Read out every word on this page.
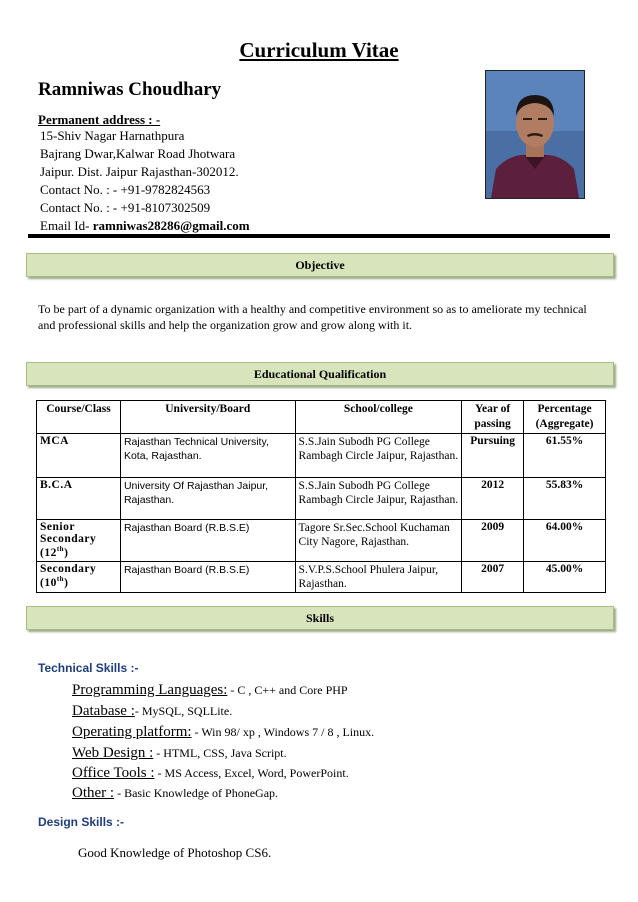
Curriculum Vitae
Ramniwas Choudhary
Permanent address : -
15-Shiv Nagar Harnathpura
Bajrang Dwar,Kalwar Road Jhotwara
Jaipur. Dist. Jaipur Rajasthan-302012.
Contact No. : - +91-9782824563
Contact No. : - +91-8107302509
Email Id- ramniwas28286@gmail.com
Objective
To be part of a dynamic organization with a healthy and competitive environment so as to ameliorate my technical and professional skills and help the organization grow and grow along with it.
Educational Qualification
Course/Class	University/Board	School/college	Year of passing	Percentage (Aggregate)
MCA	Rajasthan Technical University, Kota, Rajasthan.	S.S.Jain Subodh PG College Rambagh Circle Jaipur, Rajasthan.	Pursuing	61.55%
B.C.A	University Of Rajasthan Jaipur, Rajasthan.	S.S.Jain Subodh PG College Rambagh Circle Jaipur, Rajasthan.	2012	55.83%
Senior
Secondary
(12th)	Rajasthan Board (R.B.S.E)	Tagore Sr.Sec.School Kuchaman City Nagore, Rajasthan.	2009	64.00%
Secondary
(10th)	Rajasthan Board (R.B.S.E)	S.V.P.S.School Phulera Jaipur, Rajasthan.	2007	45.00%
Skills
Technical Skills :-
Programming Languages: - C , C++ and Core PHP
Database :- MySQL, SQLLite.
Operating platform: - Win 98/ xp , Windows 7 / 8 , Linux.
Web Design : - HTML, CSS, Java Script.
Office Tools : - MS Access, Excel, Word, PowerPoint.
Other : - Basic Knowledge of PhoneGap.
Design Skills :-
Good Knowledge of Photoshop CS6.
